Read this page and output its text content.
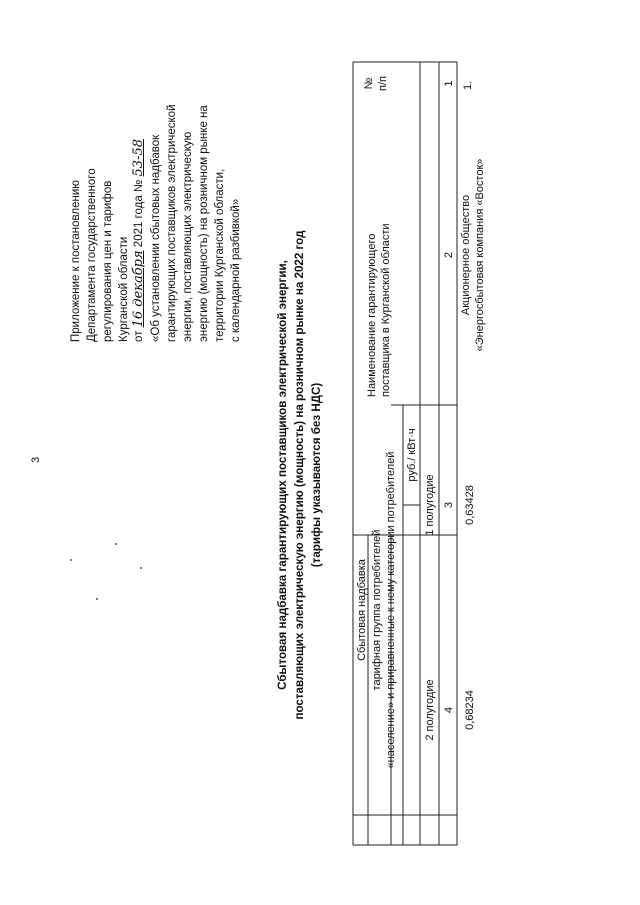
3
Приложение к постановлению Департамента государственного регулирования цен и тарифов Курганской области от 16 декабря 2021 года № 53-58 «Об установлении сбытовых надбавок гарантирующих поставщиков электрической энергии, поставляющих электрическую энергию (мощность) на розничном рынке на территории Курганской области, с календарной разбивкой»	Сбытовая надбавка гарантирующих поставщиков электрической энергии, поставляющих электрическую энергию (мощность) на розничном рынке на 2022 год (тарифы указываются без НДС)
№ п/п
Наименование гарантирующего поставщика в Курганской области
Сбытовая надбавка тарифная группа потребителей «население» и приравненные к нему категории потребителей руб./ кВт·ч
2 полугодие
1 полугодие
1
2
3
4
1.
Акционерное общество «Энергосбытовая компания «Восток»
0,63428
0,68234
